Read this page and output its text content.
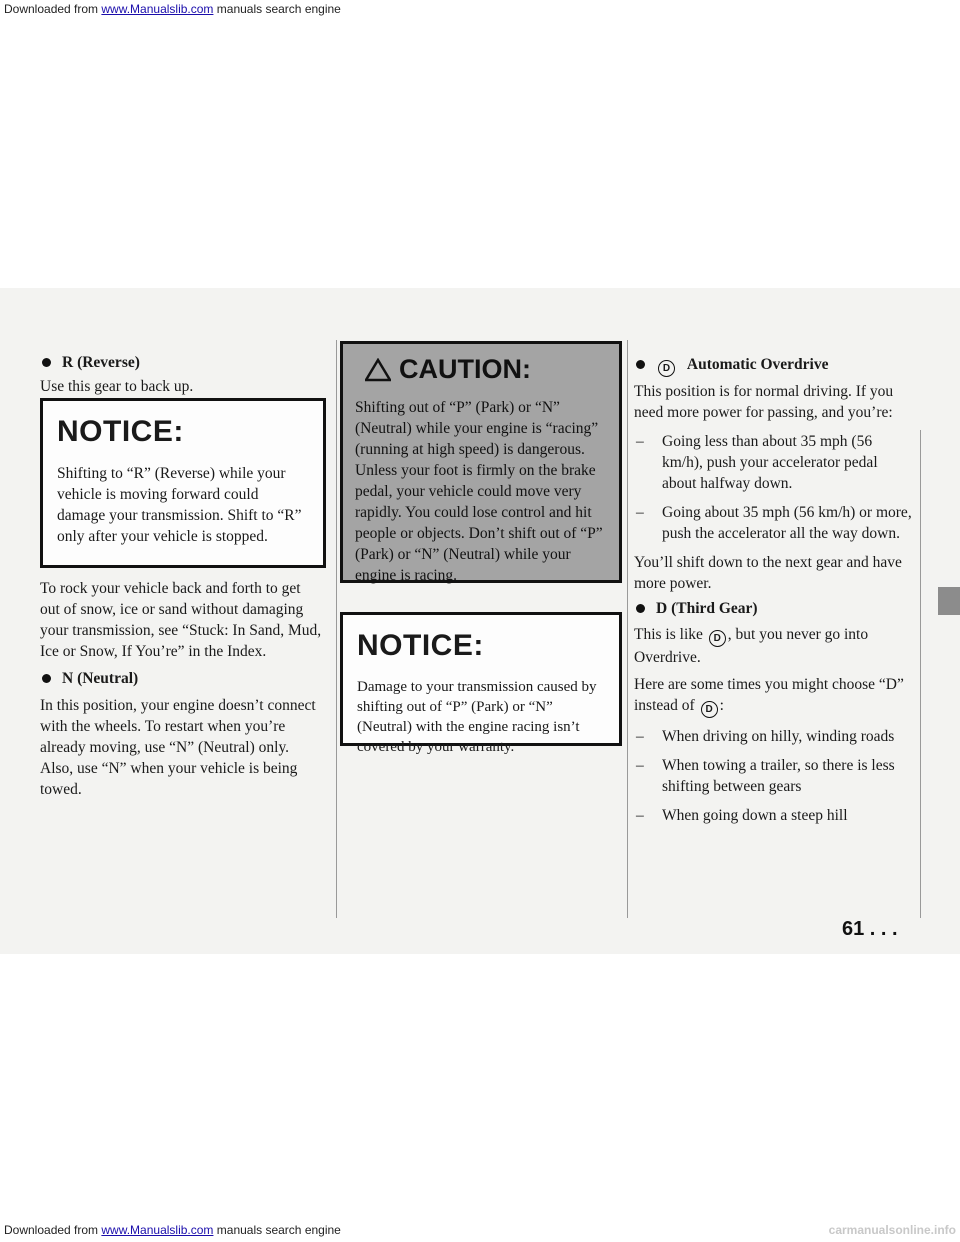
Downloaded from www.Manualslib.com manuals search engine
R (Reverse)

Use this gear to back up.

NOTICE:

Shifting to “R” (Reverse) while your vehicle is moving forward could damage your transmission. Shift to “R” only after your vehicle is stopped.

To rock your vehicle back and forth to get out of snow, ice or sand without damaging your transmission, see “Stuck: In Sand, Mud, Ice or Snow, If You’re” in the Index.

N (Neutral)

In this position, your engine doesn’t connect with the wheels. To restart when you’re already moving, use “N” (Neutral) only. Also, use “N” when your vehicle is being towed.

CAUTION:

Shifting out of “P” (Park) or “N” (Neutral) while your engine is “racing” (running at high speed) is dangerous. Unless your foot is firmly on the brake pedal, your vehicle could move very rapidly. You could lose control and hit people or objects. Don’t shift out of “P” (Park) or “N” (Neutral) while your engine is racing.

NOTICE:

Damage to your transmission caused by shifting out of “P” (Park) or “N” (Neutral) with the engine racing isn’t covered by your warranty.

D Automatic Overdrive

This position is for normal driving. If you need more power for passing, and you’re:

– Going less than about 35 mph (56 km/h), push your accelerator pedal about halfway down.
– Going about 35 mph (56 km/h) or more, push the accelerator all the way down.

You’ll shift down to the next gear and have more power.

D (Third Gear)

This is like D , but you never go into Overdrive.

Here are some times you might choose “D” instead of D :

– When driving on hilly, winding roads
– When towing a trailer, so there is less shifting between gears
– When going down a steep hill
61 . . .
Downloaded from www.Manualslib.com manuals search engine	carmanualsonline.info
